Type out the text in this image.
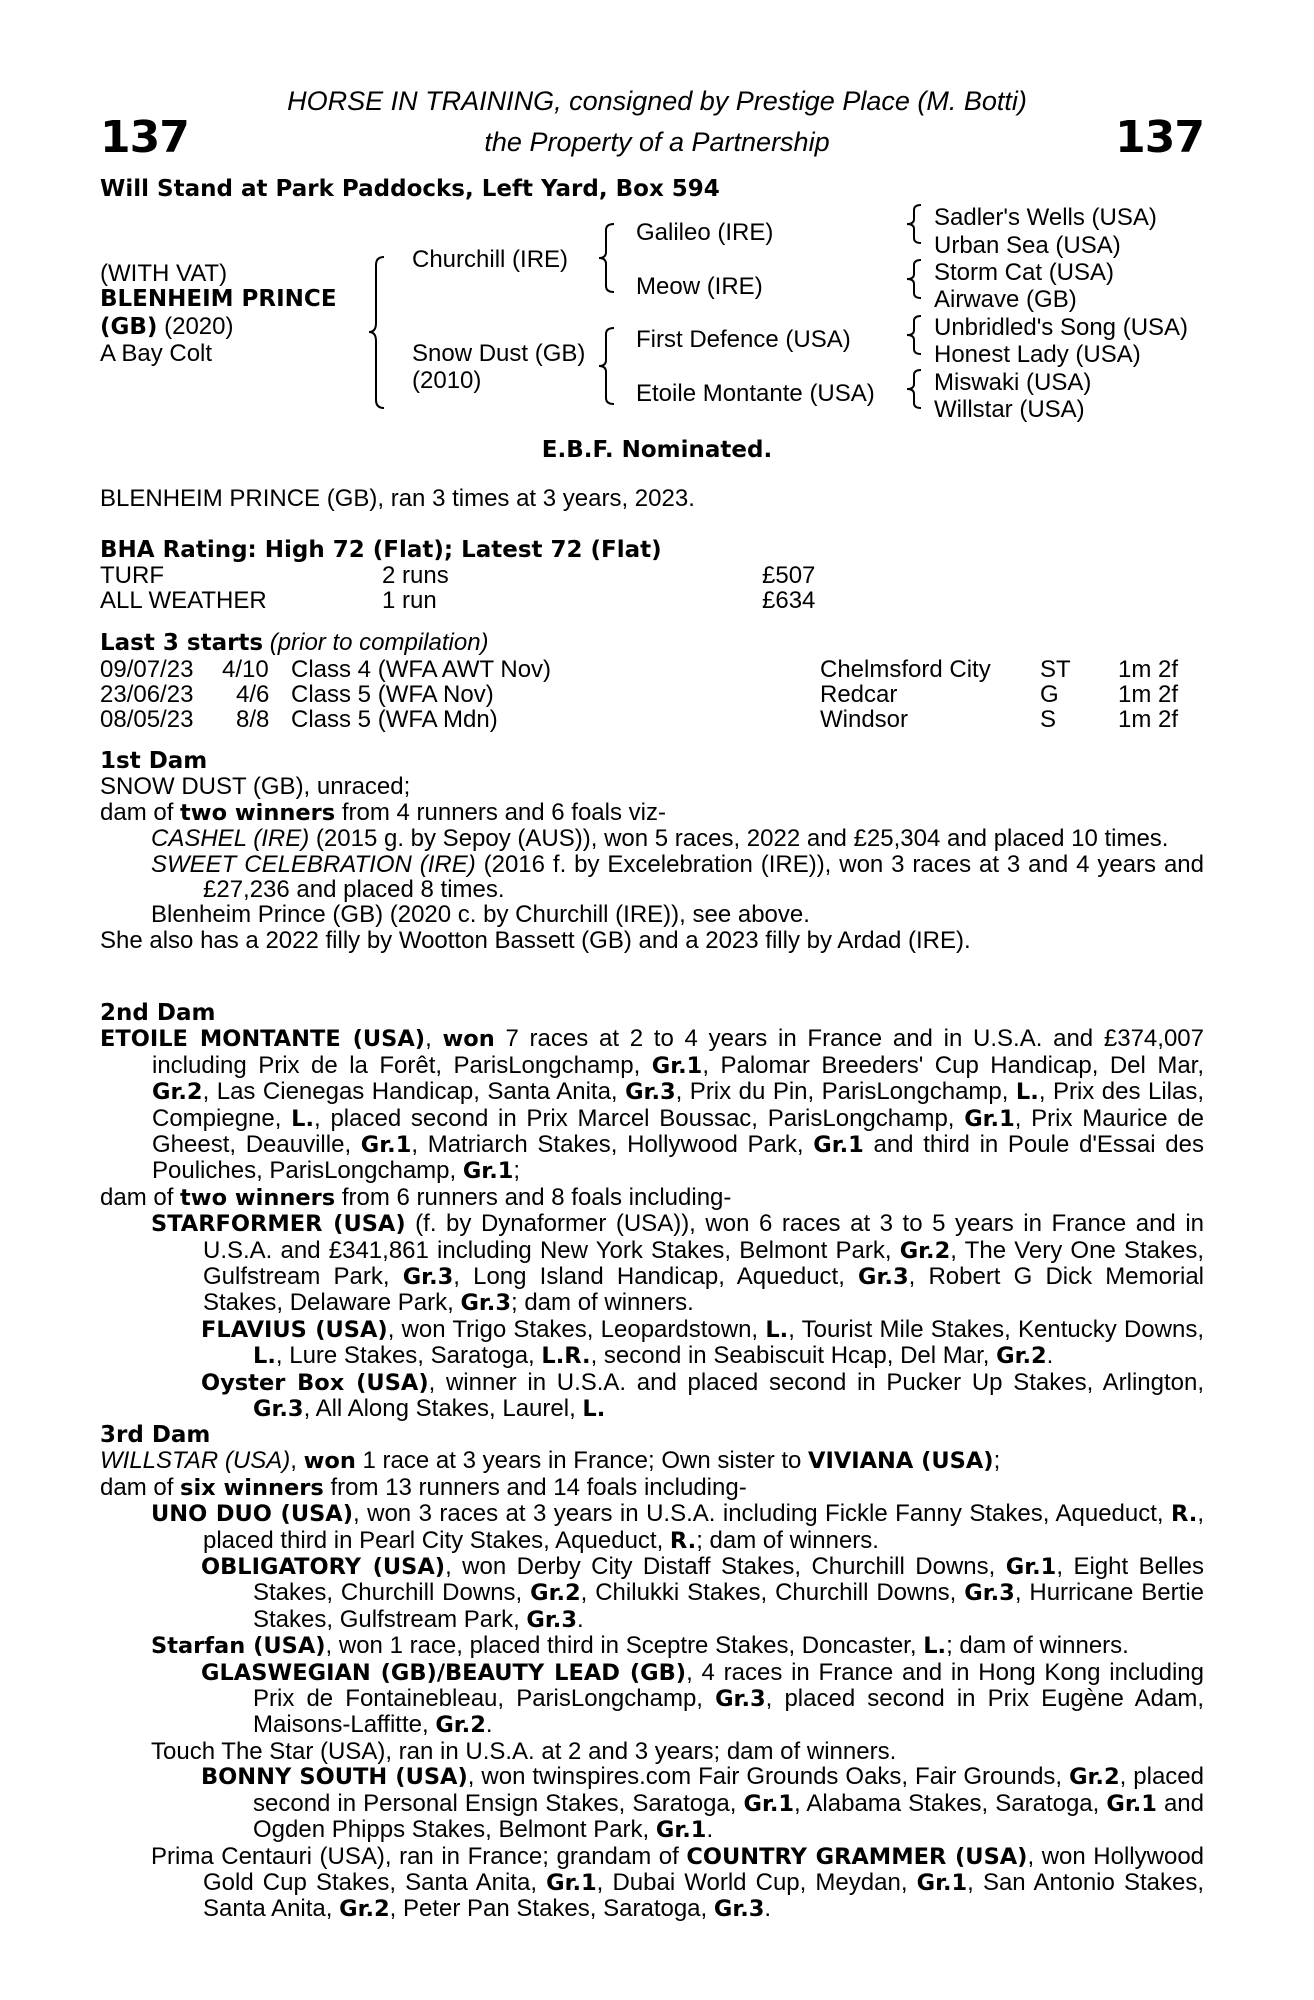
137	137
HORSE IN TRAINING, consigned by Prestige Place (M. Botti)
the Property of a Partnership
Will Stand at Park Paddocks, Left Yard, Box 594
(WITH VAT)
BLENHEIM PRINCE
(GB) (2020)
A Bay Colt
Churchill (IRE)
Snow Dust (GB)
(2010)
Galileo (IRE)
Meow (IRE)
First Defence (USA)
Etoile Montante (USA)
Sadler's Wells (USA)
Urban Sea (USA)
Storm Cat (USA)
Airwave (GB)
Unbridled's Song (USA)
Honest Lady (USA)
Miswaki (USA)
Willstar (USA)
E.B.F. Nominated.
BLENHEIM PRINCE (GB), ran 3 times at 3 years, 2023.
BHA Rating: High 72 (Flat); Latest 72 (Flat)
TURF	2 runs	£507
ALL WEATHER	1 run	£634
Last 3 starts (prior to compilation)
09/07/23 4/10 Class 4 (WFA AWT Nov)	Chelmsford City ST 1m 2f
23/06/23 4/6 Class 5 (WFA Nov)	Redcar	G 1m 2f
08/05/23 8/8 Class 5 (WFA Mdn)	Windsor	S	1m 2f

1st Dam

SNOW DUST (GB), unraced;

dam of two winners from 4 runners and 6 foals viz-

CASHEL (IRE) (2015 g. by Sepoy (AUS)), won 5 races, 2022 and £25,304 and placed 10 times.

SWEET CELEBRATION (IRE) (2016 f. by Excelebration (IRE)), won 3 races at 3 and 4 years and £27,236 and placed 8 times.

Blenheim Prince (GB) (2020 c. by Churchill (IRE)), see above.

She also has a 2022 filly by Wootton Bassett (GB) and a 2023 filly by Ardad (IRE).

2nd Dam

ETOILE MONTANTE (USA), won 7 races at 2 to 4 years in France and in U.S.A. and £374,007 including Prix de la Forêt, ParisLongchamp, Gr.1, Palomar Breeders' Cup Handicap, Del Mar, Gr.2, Las Cienegas Handicap, Santa Anita, Gr.3, Prix du Pin, ParisLongchamp, L., Prix des Lilas, Compiegne, L., placed second in Prix Marcel Boussac, ParisLongchamp, Gr.1, Prix Maurice de Gheest, Deauville, Gr.1, Matriarch Stakes, Hollywood Park, Gr.1 and third in Poule d'Essai des Pouliches, ParisLongchamp, Gr.1;

dam of two winners from 6 runners and 8 foals including-

STARFORMER (USA) (f. by Dynaformer (USA)), won 6 races at 3 to 5 years in France and in U.S.A. and £341,861 including New York Stakes, Belmont Park, Gr.2, The Very One Stakes, Gulfstream Park, Gr.3, Long Island Handicap, Aqueduct, Gr.3, Robert G Dick Memorial Stakes, Delaware Park, Gr.3; dam of winners.

FLAVIUS (USA), won Trigo Stakes, Leopardstown, L., Tourist Mile Stakes, Kentucky Downs, L., Lure Stakes, Saratoga, L.R., second in Seabiscuit Hcap, Del Mar, Gr.2.

Oyster Box (USA), winner in U.S.A. and placed second in Pucker Up Stakes, Arlington, Gr.3, All Along Stakes, Laurel, L.

3rd Dam

WILLSTAR (USA), won 1 race at 3 years in France; Own sister to VIVIANA (USA);

dam of six winners from 13 runners and 14 foals including-

UNO DUO (USA), won 3 races at 3 years in U.S.A. including Fickle Fanny Stakes, Aqueduct, R., placed third in Pearl City Stakes, Aqueduct, R.; dam of winners.

OBLIGATORY (USA), won Derby City Distaff Stakes, Churchill Downs, Gr.1, Eight Belles Stakes, Churchill Downs, Gr.2, Chilukki Stakes, Churchill Downs, Gr.3, Hurricane Bertie Stakes, Gulfstream Park, Gr.3.

Starfan (USA), won 1 race, placed third in Sceptre Stakes, Doncaster, L.; dam of winners.

GLASWEGIAN (GB)/BEAUTY LEAD (GB), 4 races in France and in Hong Kong including Prix de Fontainebleau, ParisLongchamp, Gr.3, placed second in Prix Eugène Adam, Maisons-Laffitte, Gr.2.

Touch The Star (USA), ran in U.S.A. at 2 and 3 years; dam of winners.

BONNY SOUTH (USA), won twinspires.com Fair Grounds Oaks, Fair Grounds, Gr.2, placed second in Personal Ensign Stakes, Saratoga, Gr.1, Alabama Stakes, Saratoga, Gr.1 and Ogden Phipps Stakes, Belmont Park, Gr.1.

Prima Centauri (USA), ran in France; grandam of COUNTRY GRAMMER (USA), won Hollywood Gold Cup Stakes, Santa Anita, Gr.1, Dubai World Cup, Meydan, Gr.1, San Antonio Stakes, Santa Anita, Gr.2, Peter Pan Stakes, Saratoga, Gr.3.
